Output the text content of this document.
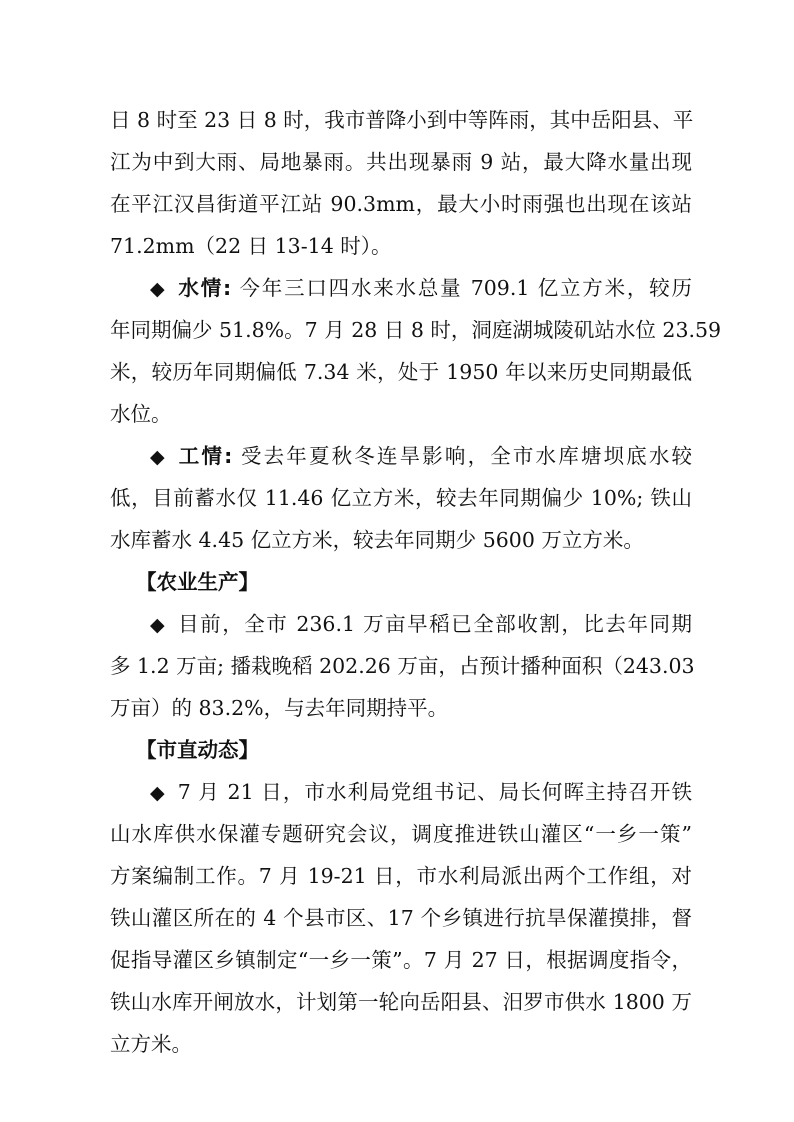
日 8 时至 23 日 8 时，我市普降小到中等阵雨，其中岳阳县、平
江为中到大雨、局地暴雨。共出现暴雨 9 站，最大降水量出现
在平江汉昌街道平江站 90.3mm，最大小时雨强也出现在该站
71.2mm（22 日 13-14 时）。
◆ 水情: 今年三口四水来水总量 709.1 亿立方米，较历
年同期偏少 51.8%。7 月 28 日 8 时，洞庭湖城陵矶站水位 23.59
米，较历年同期偏低 7.34 米，处于 1950 年以来历史同期最低
水位。
◆ 工情: 受去年夏秋冬连旱影响，全市水库塘坝底水较
低，目前蓄水仅 11.46 亿立方米，较去年同期偏少 10%; 铁山
水库蓄水 4.45 亿立方米，较去年同期少 5600 万立方米。
【农业生产】
◆ 目前，全市 236.1 万亩早稻已全部收割，比去年同期
多 1.2 万亩; 播栽晚稻 202.26 万亩，占预计播种面积（243.03
万亩）的 83.2%，与去年同期持平。
【市直动态】
◆ 7 月 21 日，市水利局党组书记、局长何晖主持召开铁
山水库供水保灌专题研究会议，调度推进铁山灌区“一乡一策”
方案编制工作。7 月 19-21 日，市水利局派出两个工作组，对
铁山灌区所在的 4 个县市区、17 个乡镇进行抗旱保灌摸排，督
促指导灌区乡镇制定“一乡一策”。7 月 27 日，根据调度指令，
铁山水库开闸放水，计划第一轮向岳阳县、汨罗市供水 1800 万
立方米。
